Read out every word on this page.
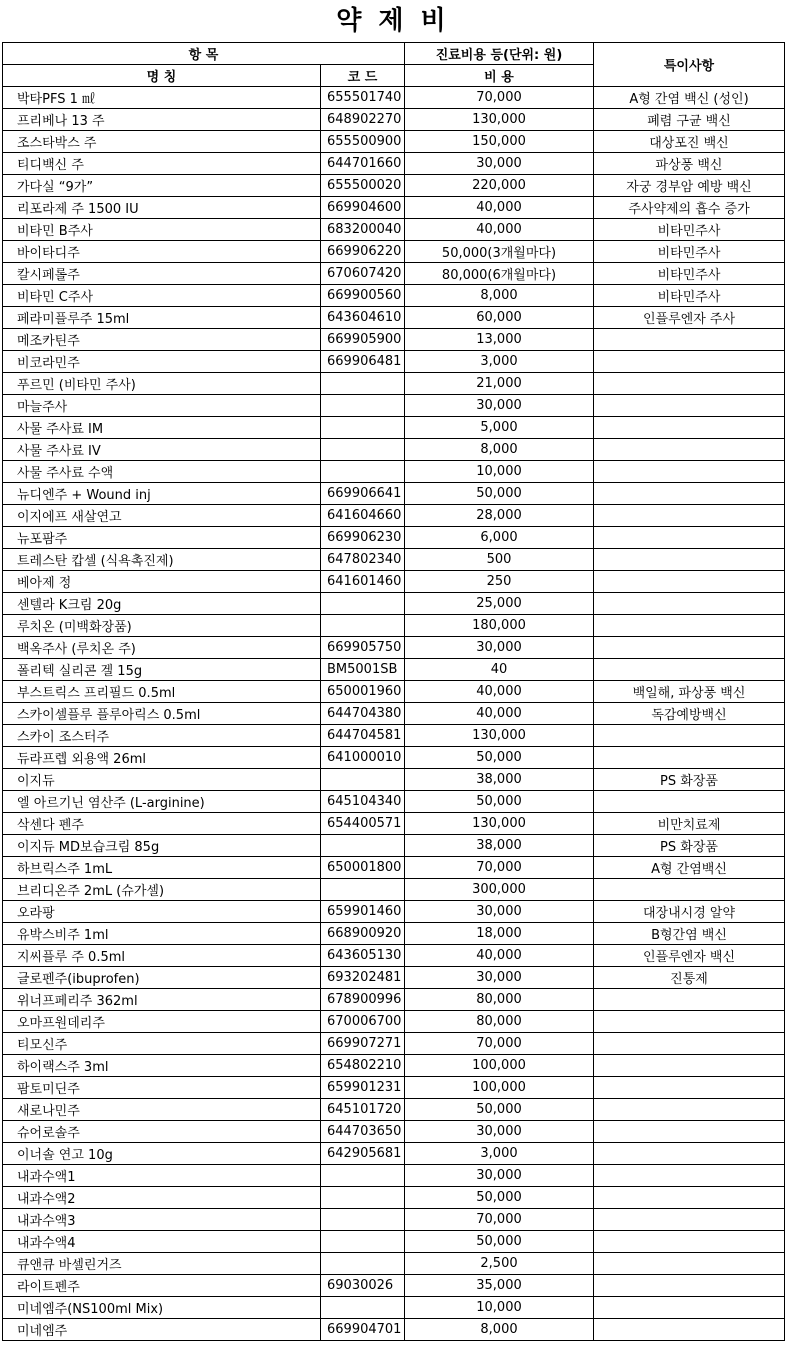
약 제 비
항 목		진료비용 등(단위: 원)	특이사항
명 칭	코 드	비 용	
박타PFS 1 ㎖	655501740	70,000	A형 간염 백신 (성인)
프리베나 13 주	648902270	130,000	폐렴 구균 백신
조스타박스 주	655500900	150,000	대상포진 백신
티디백신 주	644701660	30,000	파상풍 백신
가다실 “9가”	655500020	220,000	자궁 경부암 예방 백신
리포라제 주 1500 IU	669904600	40,000	주사약제의 흡수 증가
비타민 B주사	683200040	40,000	비타민주사
바이타디주	669906220	50,000(3개월마다)	비타민주사
칼시페롤주	670607420	80,000(6개월마다)	비타민주사
비타민 C주사	669900560	8,000	비타민주사
페라미플루주 15ml	643604610	60,000	인플루엔자 주사
메조카틴주	669905900	13,000	
비코라민주	669906481	3,000	
푸르민 (비타민 주사)		21,000	
마늘주사		30,000	
사물 주사료 IM		5,000	
사물 주사료 IV		8,000	
사물 주사료 수액		10,000	
뉴디엔주 + Wound inj	669906641	50,000	
이지에프 새살연고	641604660	28,000	
뉴포팜주	669906230	6,000	
트레스탄 캅셀 (식욕촉진제)	647802340	500	
베아제 정	641601460	250	
센텔라 K크림 20g		25,000	
루치온 (미백화장품)		180,000	
백옥주사 (루치온 주)	669905750	30,000	
폴리텍 실리콘 겔 15g	BM5001SB	40	
부스트릭스 프리필드 0.5ml	650001960	40,000	백일해, 파상풍 백신
스카이셀플루 플루아릭스 0.5ml	644704380	40,000	독감예방백신
스카이 조스터주	644704581	130,000	
듀라프렙 외용액 26ml	641000010	50,000	
이지듀		38,000	PS 화장품
엘 아르기닌 염산주 (L-arginine)	645104340	50,000	
삭센다 펜주	654400571	130,000	비만치료제
이지듀 MD보습크림 85g		38,000	PS 화장품
하브릭스주 1mL	650001800	70,000	A형 간염백신
브리디온주 2mL (슈가셀)		300,000	
오라팡	659901460	30,000	대장내시경 알약
유박스비주 1ml	668900920	18,000	B형간염 백신
지씨플루 주 0.5ml	643605130	40,000	인플루엔자 백신
글로펜주(ibuprofen)	693202481	30,000	진통제
위너프페리주 362ml	678900996	80,000	
오마프원데리주	670006700	80,000	
티모신주	669907271	70,000	
하이랙스주 3ml	654802210	100,000	
팜토미딘주	659901231	100,000	
새로나민주	645101720	50,000	
슈어로솔주	644703650	30,000	
이너솔 연고 10g	642905681	3,000	
내과수액1		30,000	
내과수액2		50,000	
내과수액3		70,000	
내과수액4		50,000	
큐앤큐 바셀린거즈		2,500	
라이트펜주	69030026	35,000	
미네엠주(NS100ml Mix)		10,000	
미네엠주	669904701	8,000	
